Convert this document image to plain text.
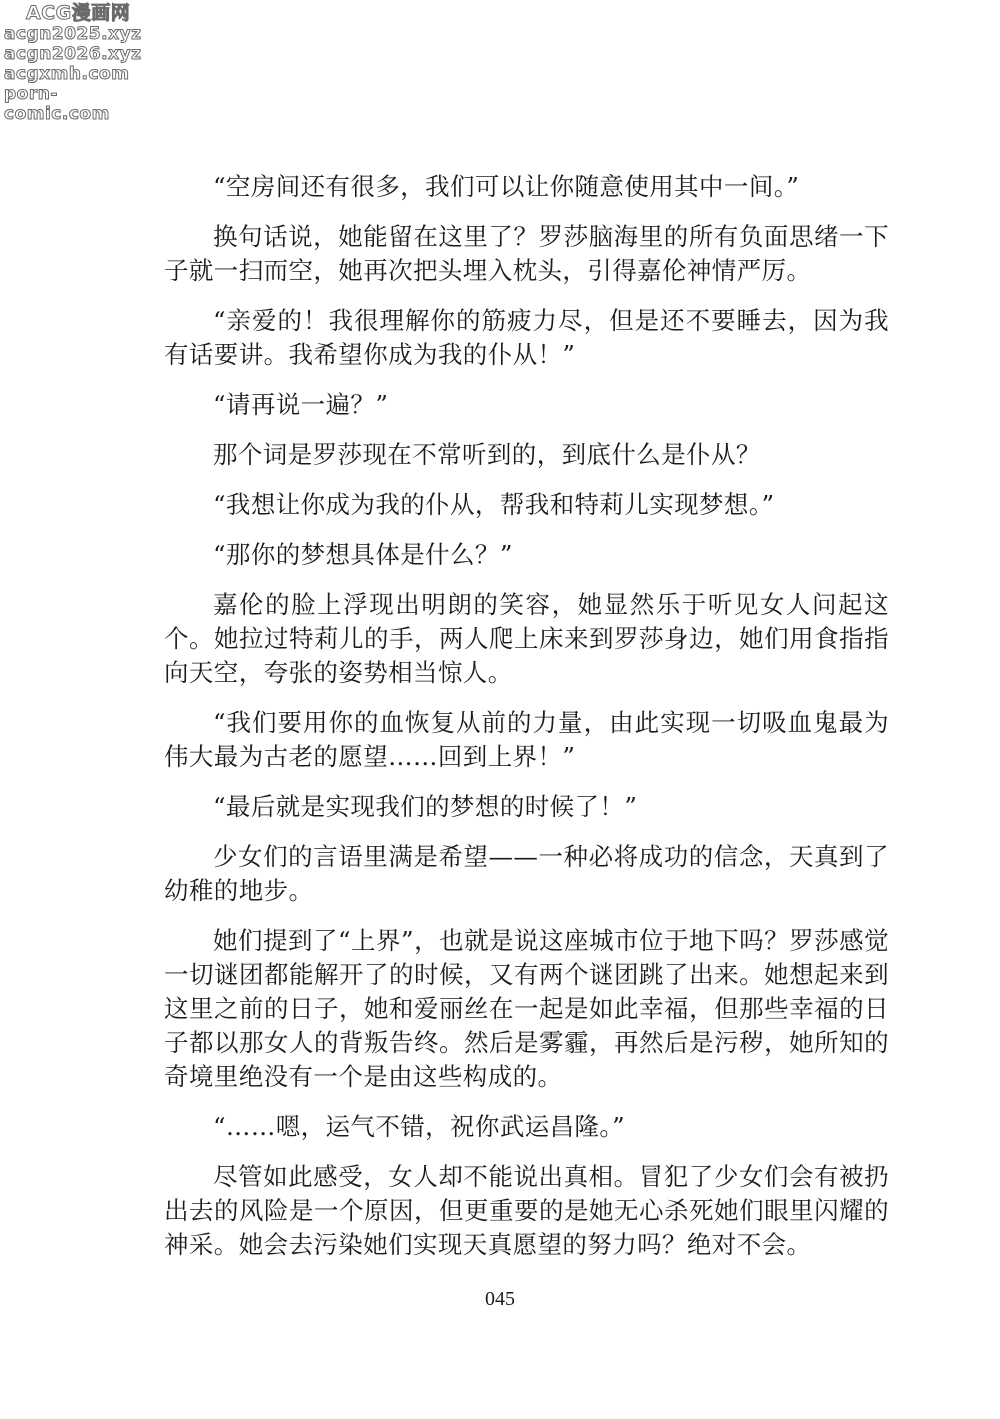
ACG漫画网
acgn2025.xyz
acgn2026.xyz
acgxmh.com
porn-comic.com

“空房间还有很多，我们可以让你随意使用其中一间。”

换句话说，她能留在这里了？罗莎脑海里的所有负面思绪一下子就一扫而空，她再次把头埋入枕头，引得嘉伦神情严厉。

“亲爱的！我很理解你的筋疲力尽，但是还不要睡去，因为我有话要讲。我希望你成为我的仆从！”

“请再说一遍？”

那个词是罗莎现在不常听到的，到底什么是仆从？

“我想让你成为我的仆从，帮我和特莉儿实现梦想。”

“那你的梦想具体是什么？”

嘉伦的脸上浮现出明朗的笑容，她显然乐于听见女人问起这个。她拉过特莉儿的手，两人爬上床来到罗莎身边，她们用食指指向天空，夸张的姿势相当惊人。

“我们要用你的血恢复从前的力量，由此实现一切吸血鬼最为伟大最为古老的愿望……回到上界！”

“最后就是实现我们的梦想的时候了！”

少女们的言语里满是希望——一种必将成功的信念，天真到了幼稚的地步。

她们提到了“上界”，也就是说这座城市位于地下吗？罗莎感觉一切谜团都能解开了的时候，又有两个谜团跳了出来。她想起来到这里之前的日子，她和爱丽丝在一起是如此幸福，但那些幸福的日子都以那女人的背叛告终。然后是雾霾，再然后是污秽，她所知的奇境里绝没有一个是由这些构成的。

“……嗯，运气不错，祝你武运昌隆。”

尽管如此感受，女人却不能说出真相。冒犯了少女们会有被扔出去的风险是一个原因，但更重要的是她无心杀死她们眼里闪耀的神采。她会去污染她们实现天真愿望的努力吗？绝对不会。

045
